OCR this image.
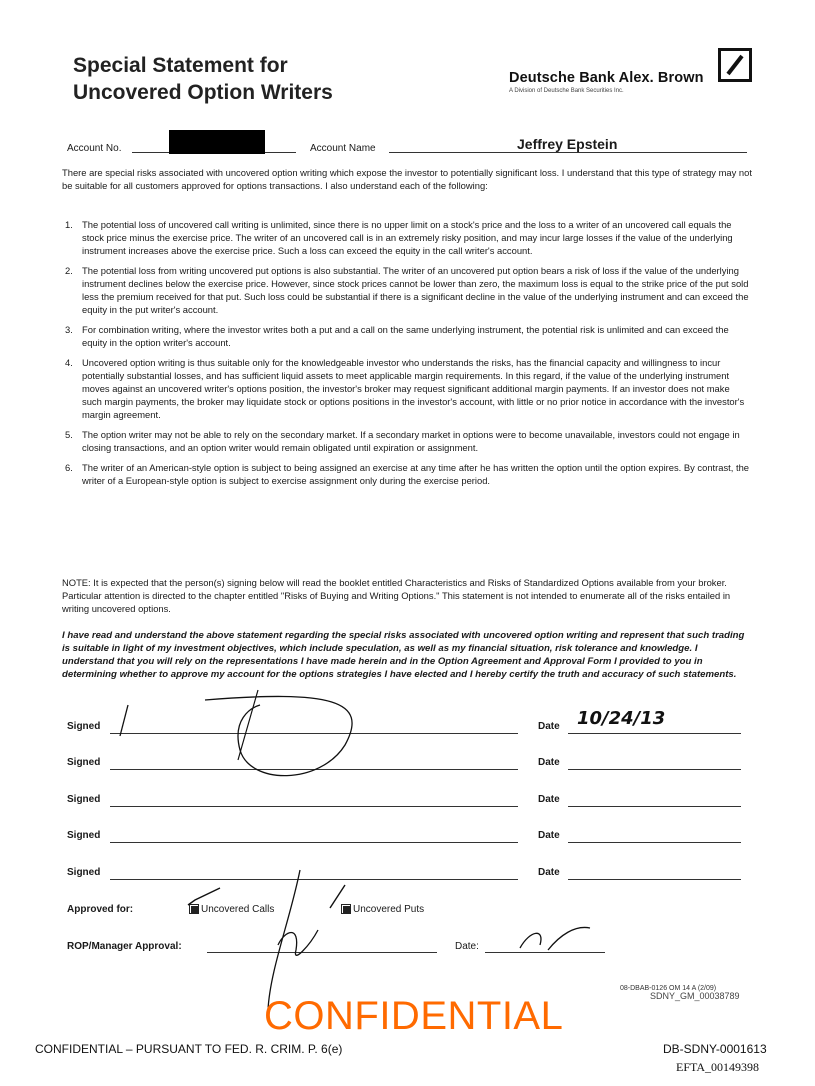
Special Statement for
Uncovered Option Writers
Deutsche Bank Alex. Brown
A Division of Deutsche Bank Securities Inc.
Account No.	Account Name	Jeffrey Epstein

There are special risks associated with uncovered option writing which expose the investor to potentially significant loss. I understand that this type of strategy may not be suitable for all customers approved for options transactions. I also understand each of the following:

1. The potential loss of uncovered call writing is unlimited, since there is no upper limit on a stock's price and the loss to a writer of an uncovered call equals the stock price minus the exercise price. The writer of an uncovered call is in an extremely risky position, and may incur large losses if the value of the underlying instrument increases above the exercise price. Such a loss can exceed the equity in the call writer's account.
2. The potential loss from writing uncovered put options is also substantial. The writer of an uncovered put option bears a risk of loss if the value of the underlying instrument declines below the exercise price. However, since stock prices cannot be lower than zero, the maximum loss is equal to the strike price of the put sold less the premium received for that put. Such loss could be substantial if there is a significant decline in the value of the underlying instrument and can exceed the equity in the put writer's account.
3. For combination writing, where the investor writes both a put and a call on the same underlying instrument, the potential risk is unlimited and can exceed the equity in the option writer's account.
4. Uncovered option writing is thus suitable only for the knowledgeable investor who understands the risks, has the financial capacity and willingness to incur potentially substantial losses, and has sufficient liquid assets to meet applicable margin requirements. In this regard, if the value of the underlying instrument moves against an uncovered writer's options position, the investor's broker may request significant additional margin payments. If an investor does not make such margin payments, the broker may liquidate stock or options positions in the investor's account, with little or no prior notice in accordance with the investor's margin agreement.
5. The option writer may not be able to rely on the secondary market. If a secondary market in options were to become unavailable, investors could not engage in closing transactions, and an option writer would remain obligated until expiration or assignment.
6. The writer of an American-style option is subject to being assigned an exercise at any time after he has written the option until the option expires. By contrast, the writer of a European-style option is subject to exercise assignment only during the exercise period.

NOTE: It is expected that the person(s) signing below will read the booklet entitled Characteristics and Risks of Standardized Options available from your broker. Particular attention is directed to the chapter entitled "Risks of Buying and Writing Options." This statement is not intended to enumerate all of the risks entailed in writing uncovered options.

I have read and understand the above statement regarding the special risks associated with uncovered option writing and represent that such trading is suitable in light of my investment objectives, which include speculation, as well as my financial situation, risk tolerance and knowledge. I understand that you will rely on the representations I have made herein and in the Option Agreement and Approval Form I provided to you in determining whether to approve my account for the options strategies I have elected and I hereby certify the truth and accuracy of such statements.

Signed	Date 10/24/13
Signed	Date
Signed	Date
Signed	Date
Signed	Date
Approved for:	Uncovered Calls	Uncovered Puts
ROP/Manager Approval:	Date:
08-DBAB-0126 OM 14 A (2/09)
SDNY_GM_00038789
CONFIDENTIAL
CONFIDENTIAL – PURSUANT TO FED. R. CRIM. P. 6(e)	DB-SDNY-0001613
EFTA_00149398
